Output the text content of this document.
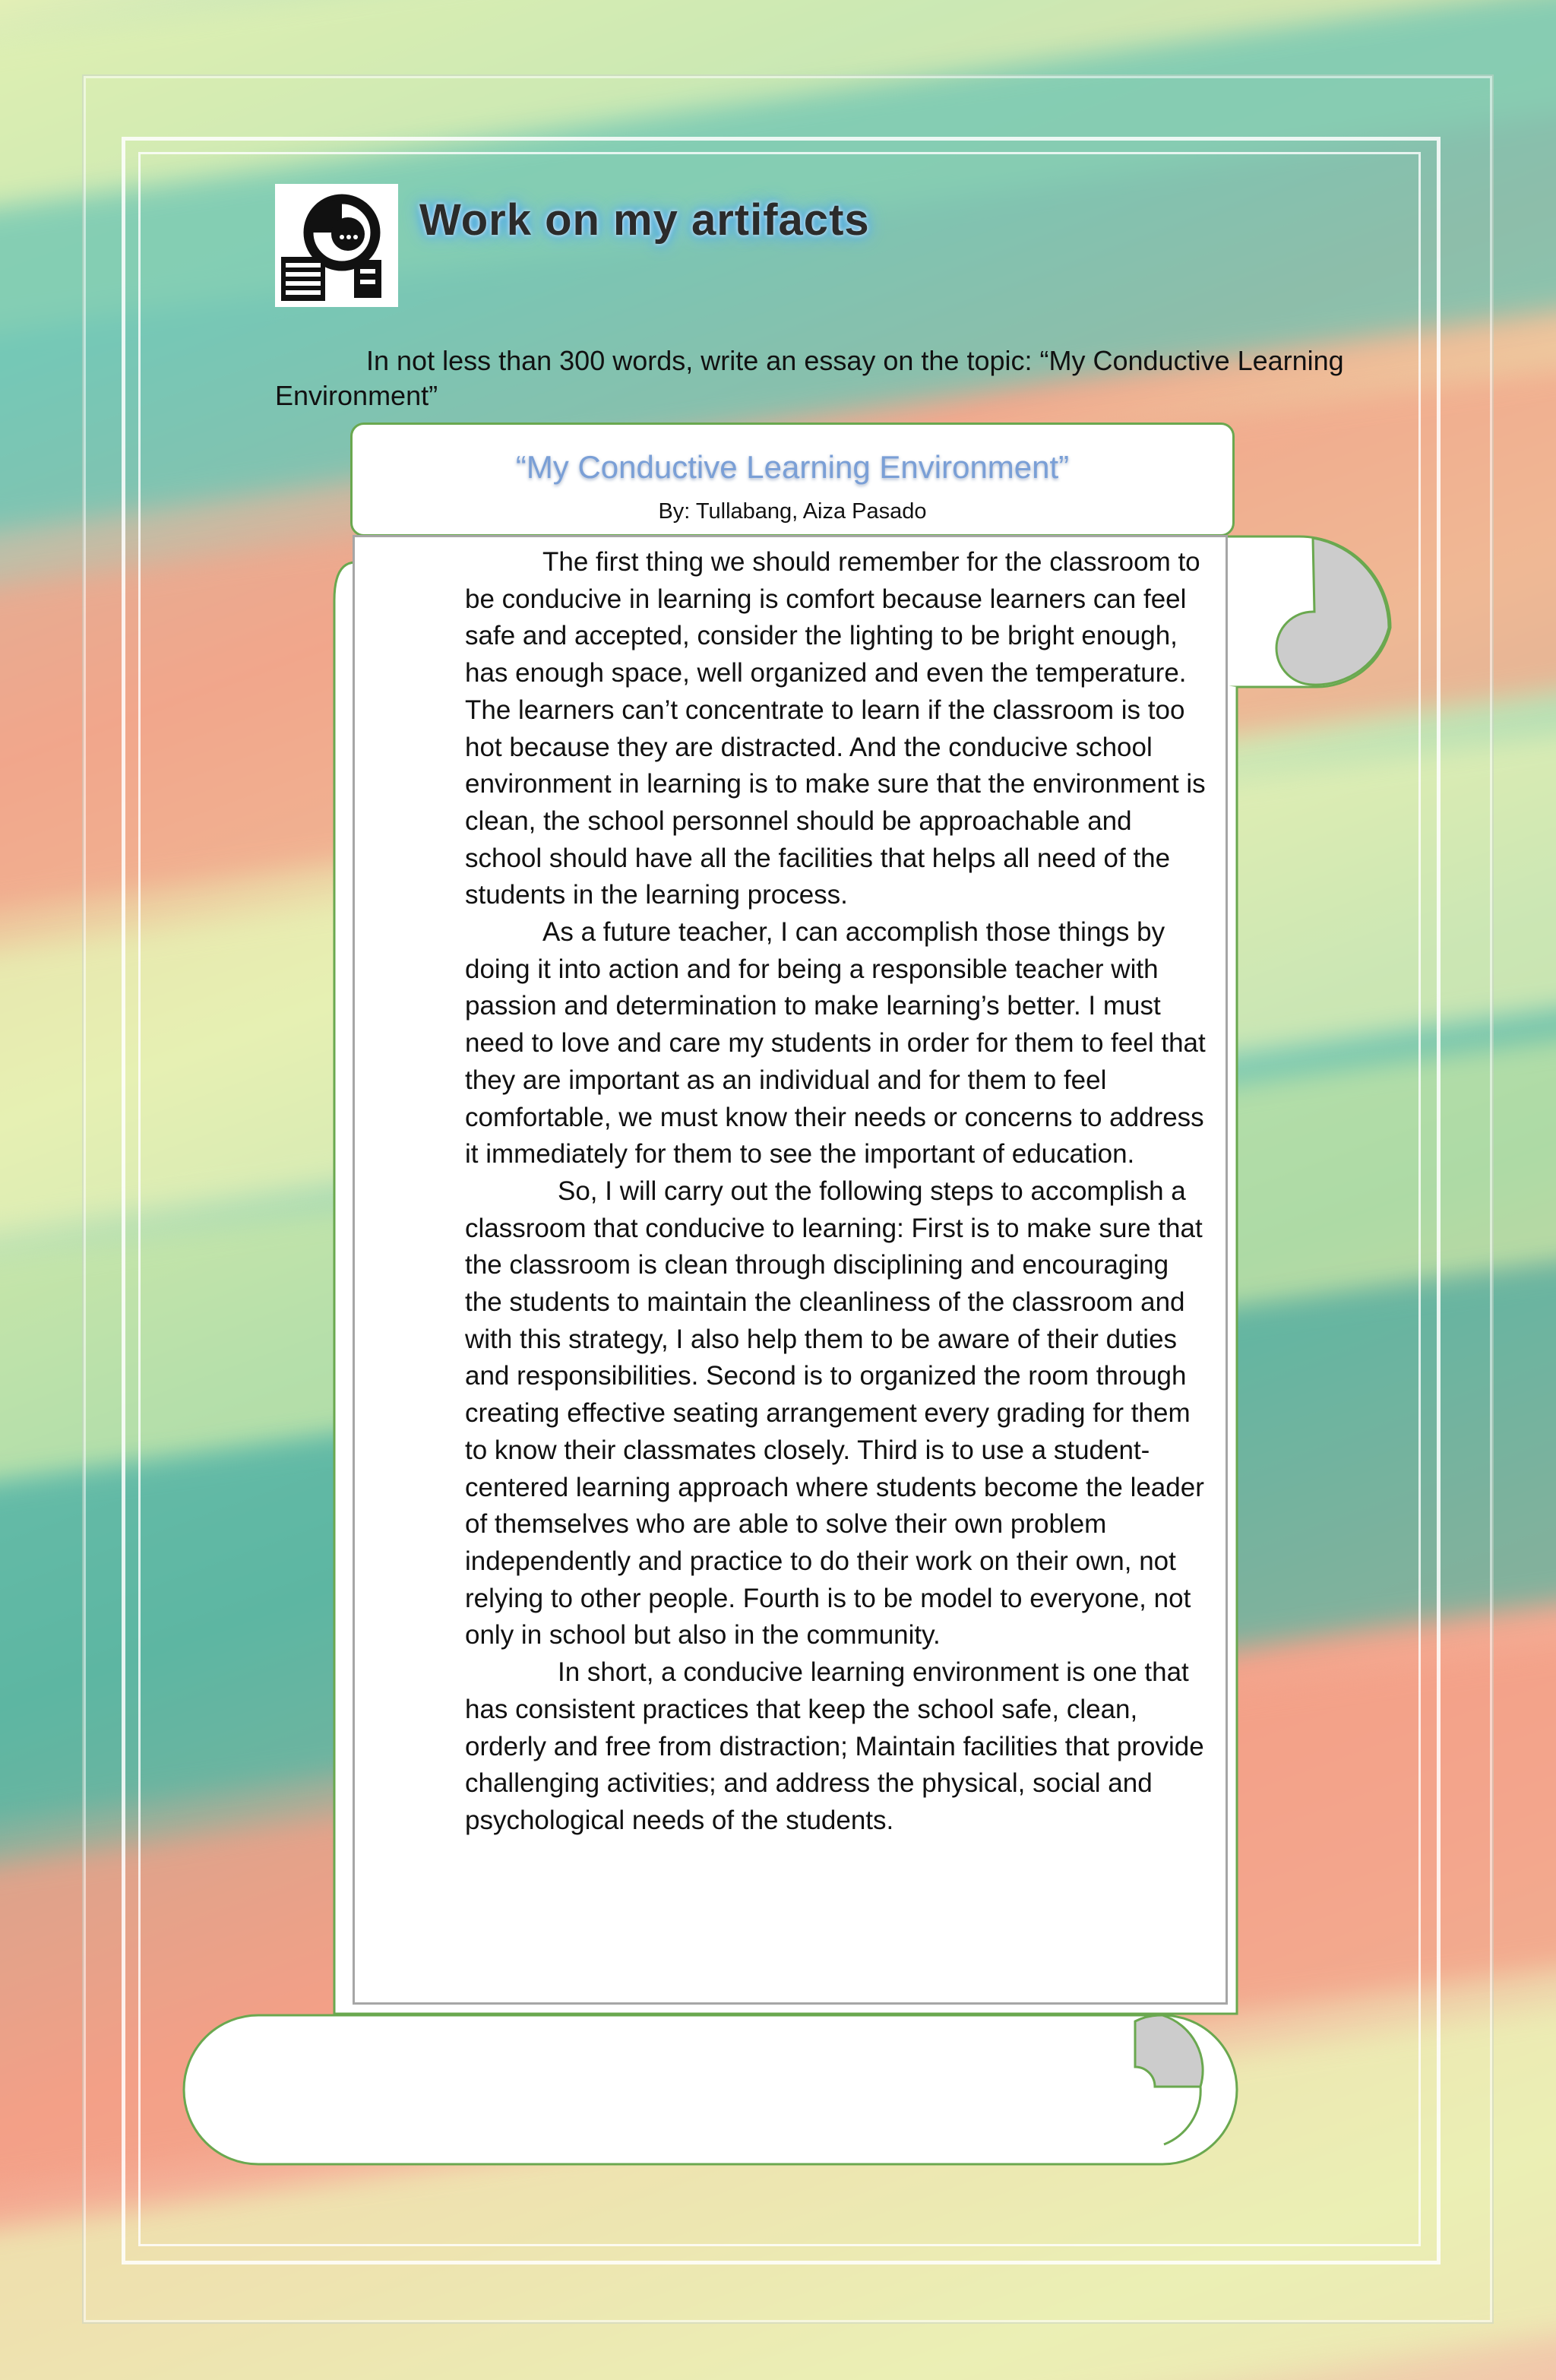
Work on my artifacts

In not less than 300 words, write an essay on the topic: “My Conductive Learning Environment”

“My Conductive Learning Environment”
By: Tullabang, Aiza Pasado

The first thing we should remember for the classroom to be conducive in learning is comfort because learners can feel safe and accepted, consider the lighting to be bright enough, has enough space, well organized and even the temperature. The learners can’t concentrate to learn if the classroom is too hot because they are distracted. And the conducive school environment in learning is to make sure that the environment is clean, the school personnel should be approachable and school should have all the facilities that helps all need of the students in the learning process.

As a future teacher, I can accomplish those things by doing it into action and for being a responsible teacher with passion and determination to make learning’s better. I must need to love and care my students in order for them to feel that they are important as an individual and for them to feel comfortable, we must know their needs or concerns to address it immediately for them to see the important of education.

So, I will carry out the following steps to accomplish a classroom that conducive to learning: First is to make sure that the classroom is clean through disciplining and encouraging the students to maintain the cleanliness of the classroom and with this strategy, I also help them to be aware of their duties and responsibilities. Second is to organized the room through creating effective seating arrangement every grading for them to know their classmates closely. Third is to use a student- centered learning approach where students become the leader of themselves who are able to solve their own problem independently and practice to do their work on their own, not relying to other people. Fourth is to be model to everyone, not only in school but also in the community.

In short, a conducive learning environment is one that has consistent practices that keep the school safe, clean, orderly and free from distraction; Maintain facilities that provide challenging activities; and address the physical, social and psychological needs of the students.
